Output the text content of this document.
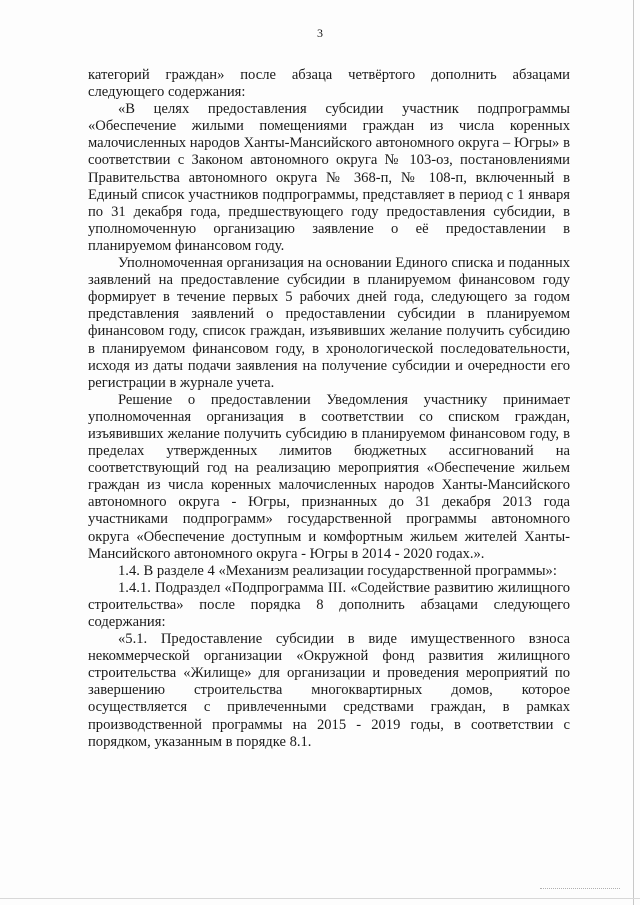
3

категорий граждан» после абзаца четвёртого дополнить абзацами следующего содержания:

«В целях предоставления субсидии участник подпрограммы «Обеспечение жилыми помещениями граждан из числа коренных малочисленных народов Ханты-Мансийского автономного округа – Югры» в соответствии с Законом автономного округа № 103-оз, постановлениями Правительства автономного округа № 368-п, № 108-п, включенный в Единый список участников подпрограммы, представляет в период с 1 января по 31 декабря года, предшествующего году предоставления субсидии, в уполномоченную организацию заявление о её предоставлении в планируемом финансовом году.

Уполномоченная организация на основании Единого списка и поданных заявлений на предоставление субсидии в планируемом финансовом году формирует в течение первых 5 рабочих дней года, следующего за годом представления заявлений о предоставлении субсидии в планируемом финансовом году, список граждан, изъявивших желание получить субсидию в планируемом финансовом году, в хронологической последовательности, исходя из даты подачи заявления на получение субсидии и очередности его регистрации в журнале учета.

Решение о предоставлении Уведомления участнику принимает уполномоченная организация в соответствии со списком граждан, изъявивших желание получить субсидию в планируемом финансовом году, в пределах утвержденных лимитов бюджетных ассигнований на соответствующий год на реализацию мероприятия «Обеспечение жильем граждан из числа коренных малочисленных народов Ханты-Мансийского автономного округа - Югры, признанных до 31 декабря 2013 года участниками подпрограмм» государственной программы автономного округа «Обеспечение доступным и комфортным жильем жителей Ханты-Мансийского автономного округа - Югры в 2014 - 2020 годах.».

1.4. В разделе 4 «Механизм реализации государственной программы»:

1.4.1. Подраздел «Подпрограмма III. «Содействие развитию жилищного строительства» после порядка 8 дополнить абзацами следующего содержания:

«5.1. Предоставление субсидии в виде имущественного взноса некоммерческой организации «Окружной фонд развития жилищного строительства «Жилище» для организации и проведения мероприятий по завершению строительства многоквартирных домов, которое осуществляется с привлеченными средствами граждан, в рамках производственной программы на 2015 - 2019 годы, в соответствии с порядком, указанным в порядке 8.1.
